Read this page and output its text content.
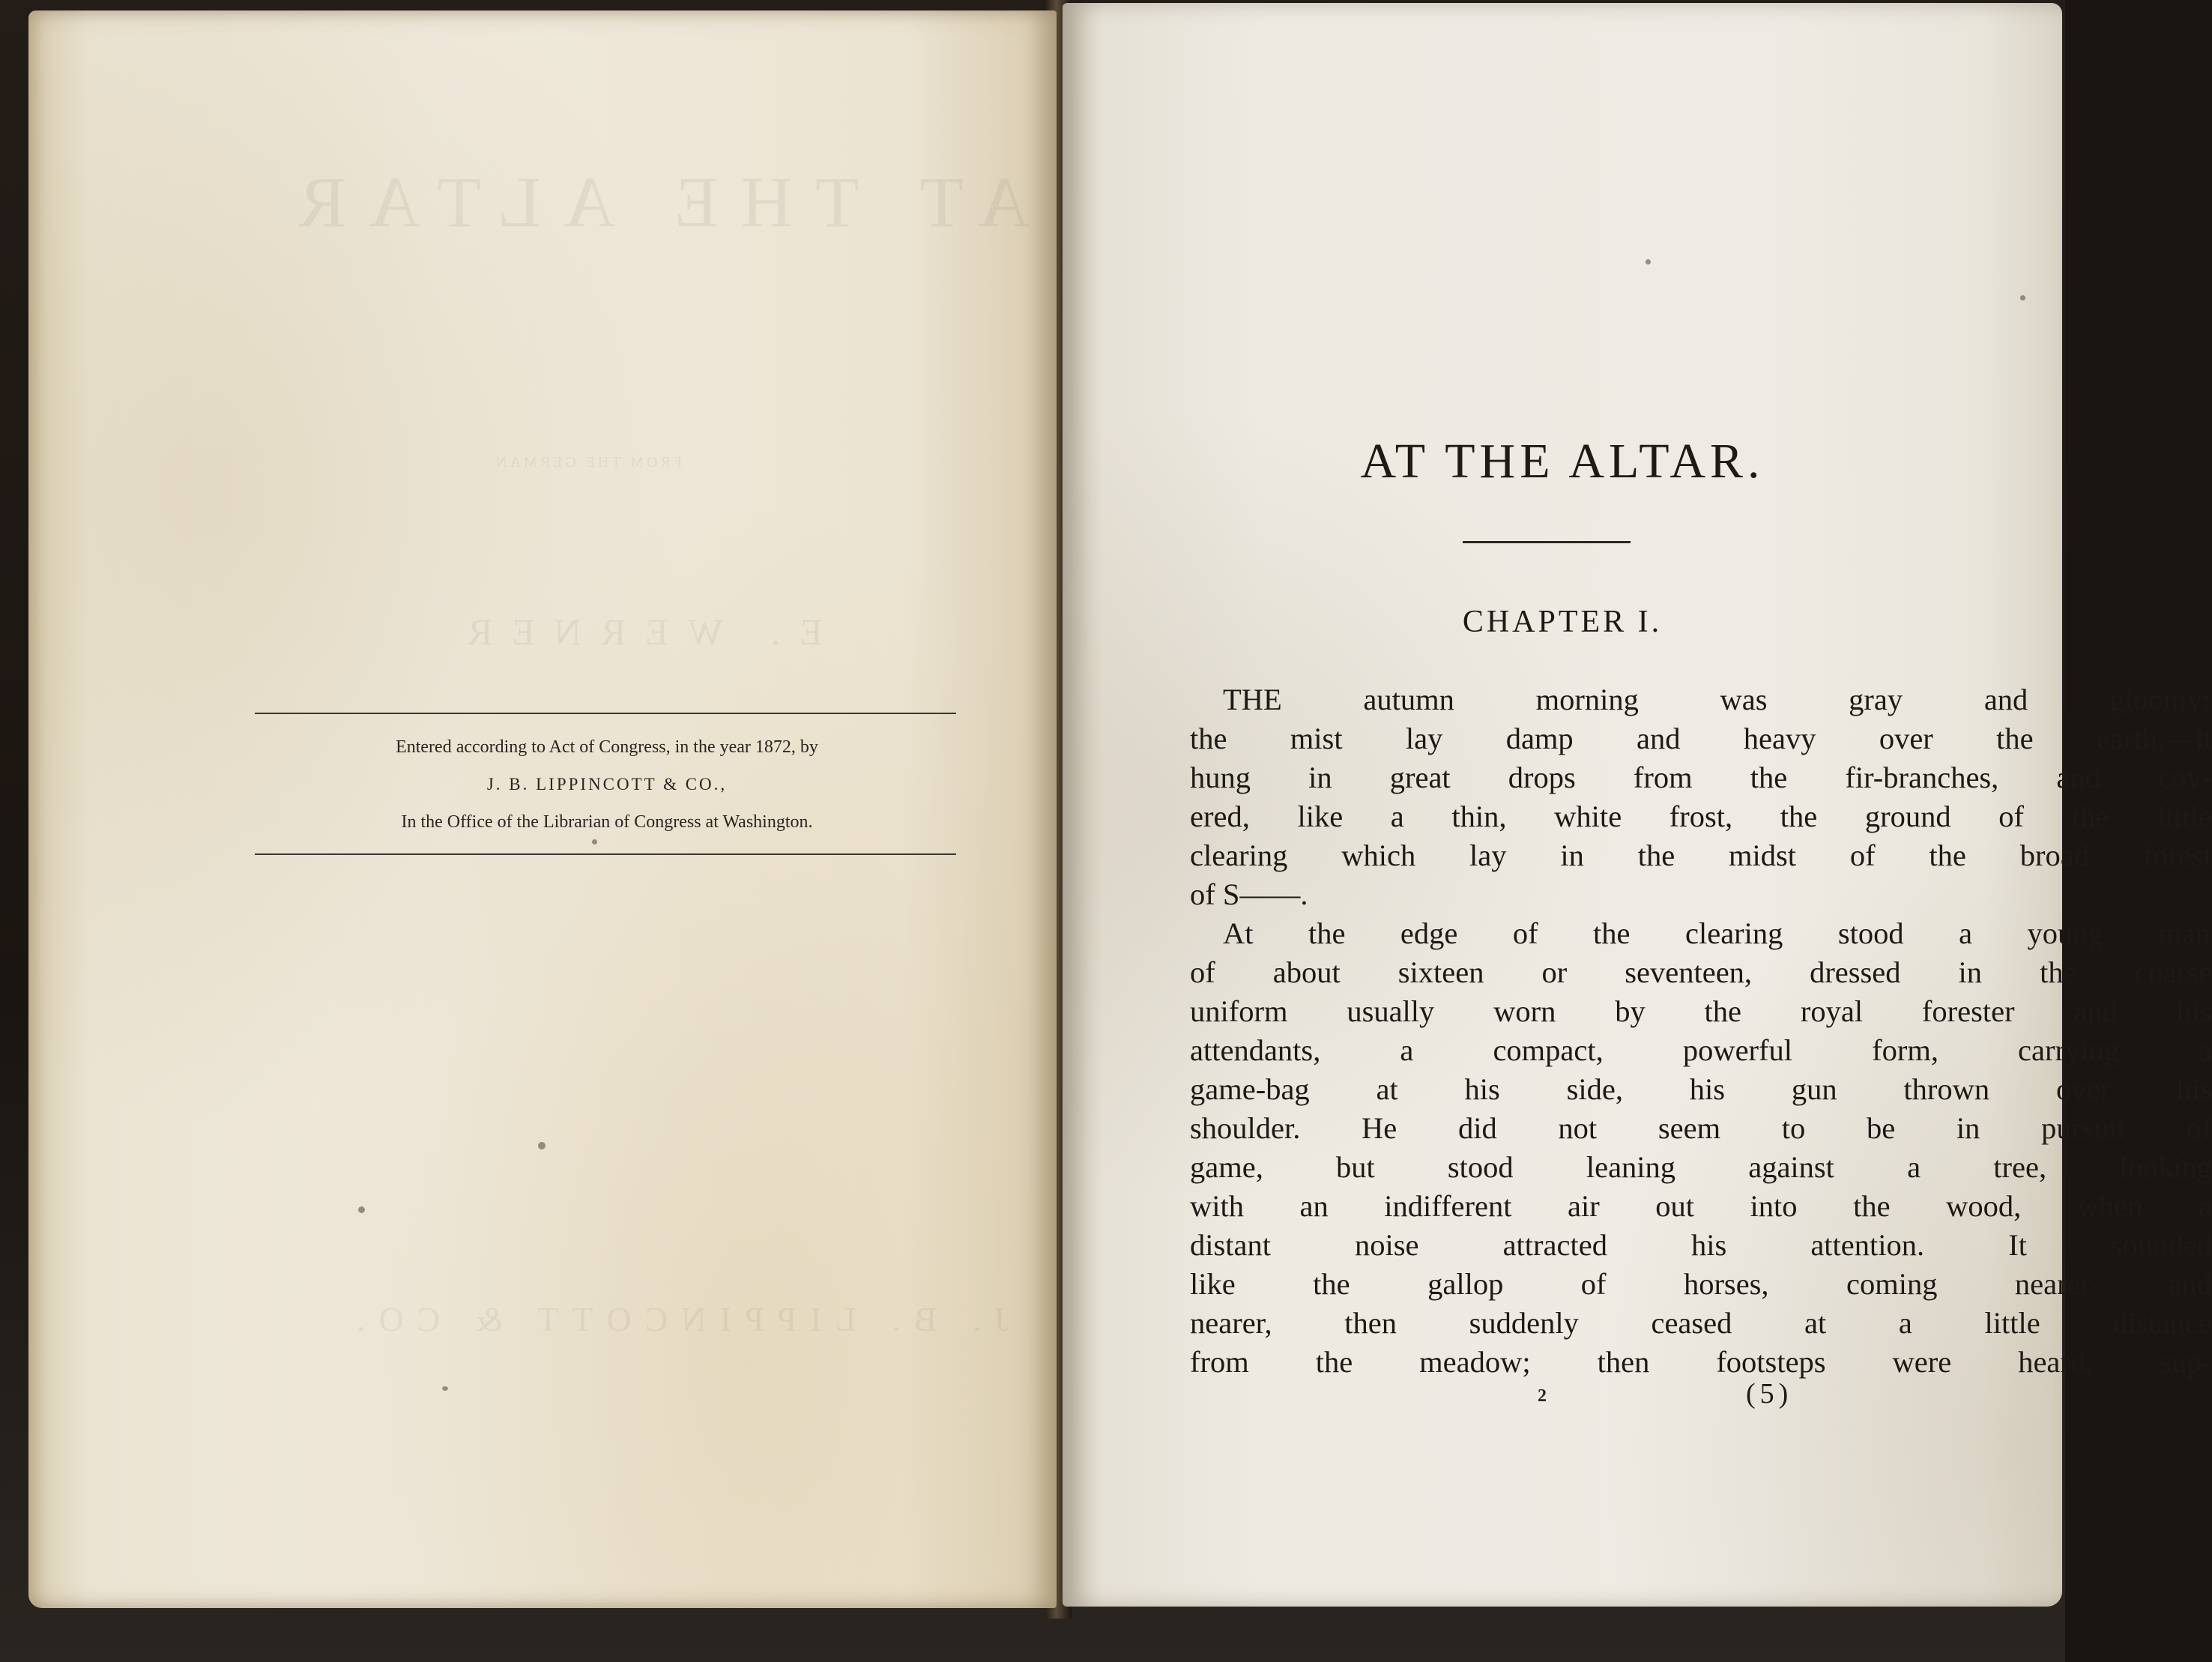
AT THE ALTAR
FROM THE GERMAN
E. WERNER
J. B. LIPPINCOTT & CO.
Entered according to Act of Congress, in the year 1872, by
J. B. LIPPINCOTT & CO.,
In the Office of the Librarian of Congress at Washington.
AT THE ALTAR.
CHAPTER I.
THE autumn morning was gray and gloomy;
the mist lay damp and heavy over the earth,—it
hung in great drops from the fir-branches, and cov-
ered, like a thin, white frost, the ground of the little
clearing which lay in the midst of the broad forest
of S——.
At the edge of the clearing stood a young man
of about sixteen or seventeen, dressed in the coarse
uniform usually worn by the royal forester and his
attendants, a compact, powerful form, carrying a
game-bag at his side, his gun thrown over his
shoulder. He did not seem to be in pursuit of
game, but stood leaning against a tree, looking
with an indifferent air out into the wood, when a
distant noise attracted his attention. It sounded
like the gallop of horses, coming nearer and
nearer, then suddenly ceased at a little distance
from the meadow; then footsteps were heard, sup-
2	(5)
